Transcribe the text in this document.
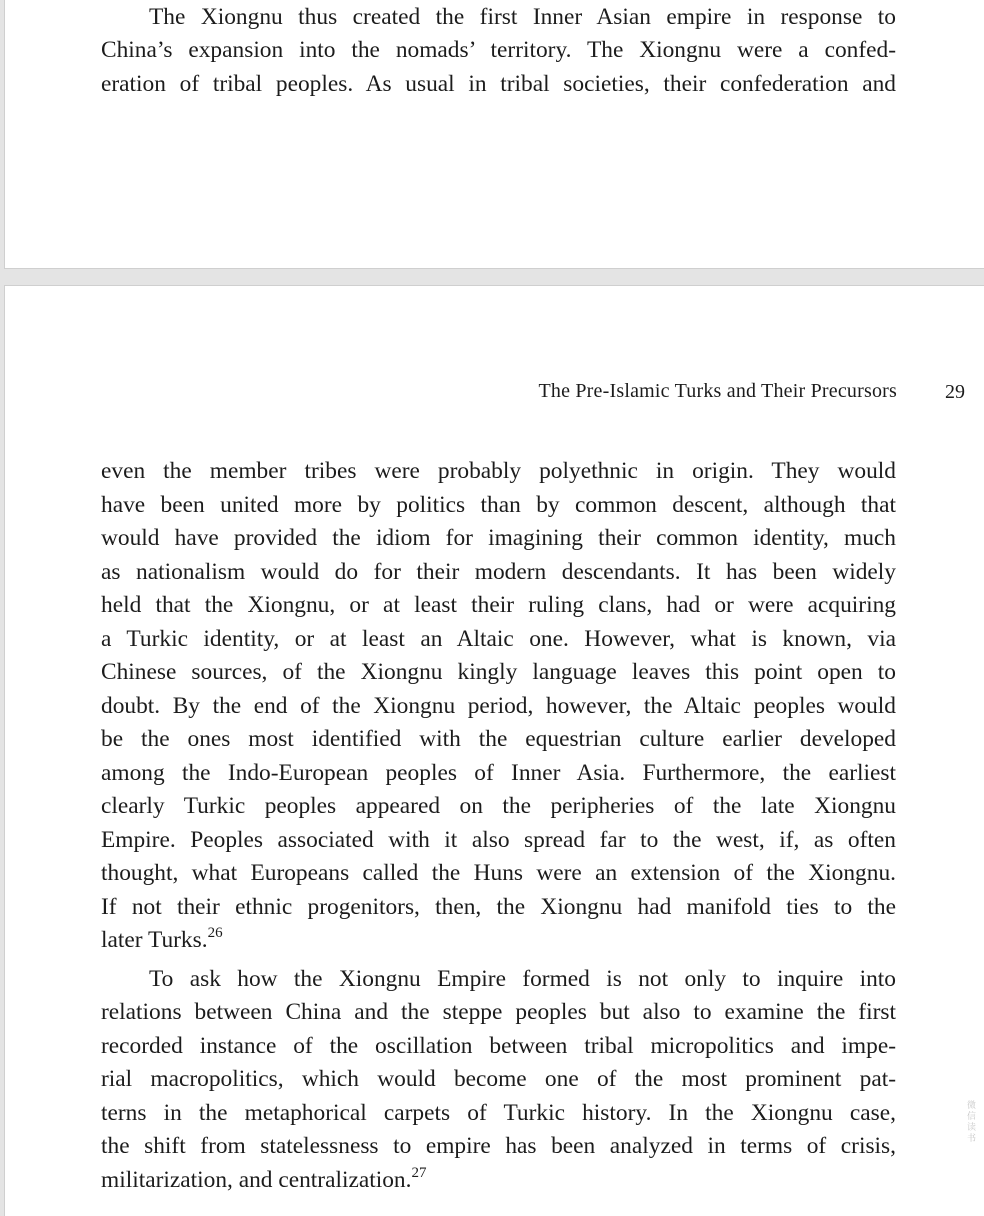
The Xiongnu thus created the first Inner Asian empire in response to
China’s expansion into the nomads’ territory. The Xiongnu were a confed-
eration of tribal peoples. As usual in tribal societies, their confederation and
The Pre-Islamic Turks and Their Precursors 29
even the member tribes were probably polyethnic in origin. They would
have been united more by politics than by common descent, although that
would have provided the idiom for imagining their common identity, much
as nationalism would do for their modern descendants. It has been widely
held that the Xiongnu, or at least their ruling clans, had or were acquiring
a Turkic identity, or at least an Altaic one. However, what is known, via
Chinese sources, of the Xiongnu kingly language leaves this point open to
doubt. By the end of the Xiongnu period, however, the Altaic peoples would
be the ones most identified with the equestrian culture earlier developed
among the Indo-European peoples of Inner Asia. Furthermore, the earliest
clearly Turkic peoples appeared on the peripheries of the late Xiongnu
Empire. Peoples associated with it also spread far to the west, if, as often
thought, what Europeans called the Huns were an extension of the Xiongnu.
If not their ethnic progenitors, then, the Xiongnu had manifold ties to the
later Turks.$^{26}$
To ask how the Xiongnu Empire formed is not only to inquire into
relations between China and the steppe peoples but also to examine the first
recorded instance of the oscillation between tribal micropolitics and impe-
rial macropolitics, which would become one of the most prominent pat-
terns in the metaphorical carpets of Turkic history. In the Xiongnu case,
the shift from statelessness to empire has been analyzed in terms of crisis,
militarization, and centralization.$^{27}$
微信读书
